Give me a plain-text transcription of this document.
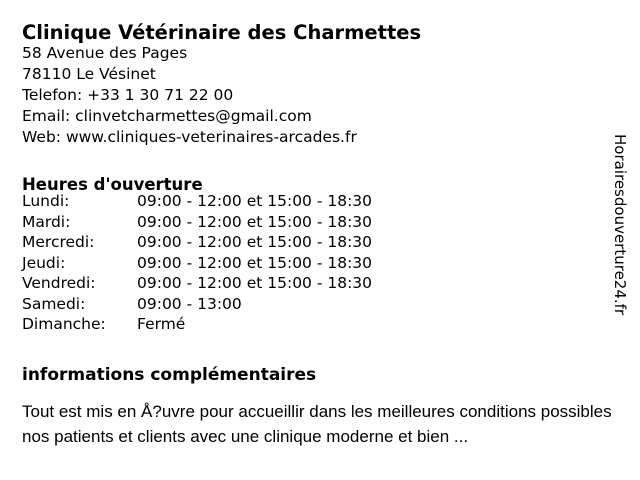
Clinique Vétérinaire des Charmettes
58 Avenue des Pages
78110 Le Vésinet
Telefon: +33 1 30 71 22 00
Email: clinvetcharmettes@gmail.com
Web: www.cliniques-veterinaires-arcades.fr
Heures d'ouverture
Lundi:	09:00 - 12:00 et 15:00 - 18:30
Mardi:	09:00 - 12:00 et 15:00 - 18:30
Mercredi:	09:00 - 12:00 et 15:00 - 18:30
Jeudi:	09:00 - 12:00 et 15:00 - 18:30
Vendredi:	09:00 - 12:00 et 15:00 - 18:30
Samedi:	09:00 - 13:00
Dimanche: Fermé
informations complémentaires

Tout est mis en Å?uvre pour accueillir dans les meilleures conditions possibles nos patients et clients avec une clinique moderne et bien ...

Horairesdouverture24.fr
